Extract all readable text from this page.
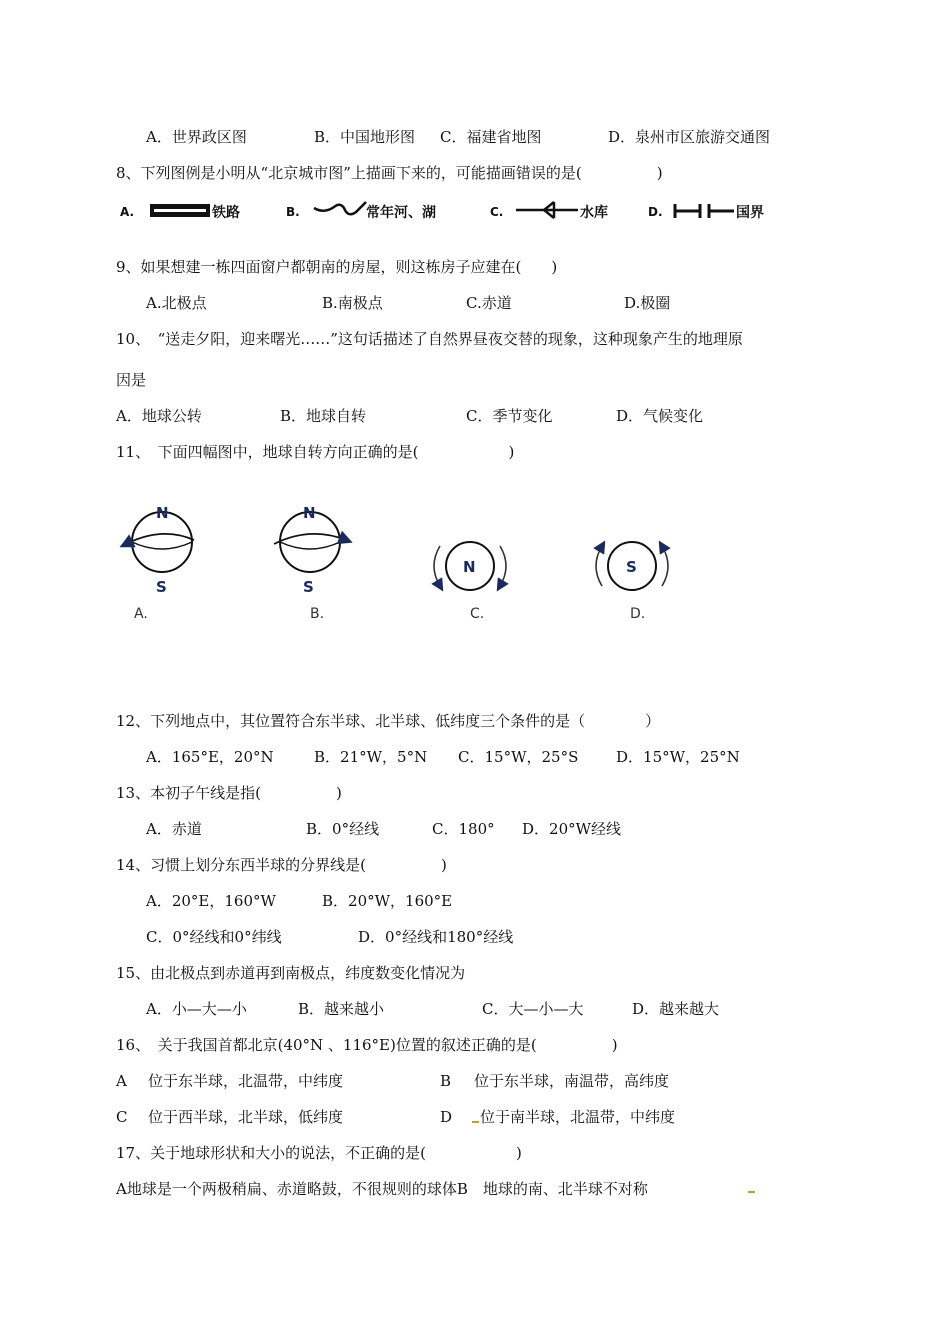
A．世界政区图	B．中国地形图 C．福建省地图	D．泉州市区旅游交通图
8、下列图例是小明从“北京城市图”上描画下来的，可能描画错误的是(　　　　　)
A.	铁路	B.	常年河、湖	C.	水库	D.	国界
9、如果想建一栋四面窗户都朝南的房屋，则这栋房子应建在(　　)
A.北极点	B.南极点	C.赤道	D.极圈
10、　“送走夕阳，迎来曙光……”这句话描述了自然界昼夜交替的现象，这种现象产生的地理原
因是
A．地球公转	B．地球自转	C．季节变化	D．气候变化
11、　下面四幅图中，地球自转方向正确的是(　　　　　　)
N
S
A.
N
S
B.
N
C.
S
D.
12、下列地点中，其位置符合东半球、北半球、低纬度三个条件的是（　　　　）
A．165°E，20°N	B．21°W，5°N C．15°W，25°S	D．15°W，25°N
13、本初子午线是指(　　　　　)
A．赤道	B．0°经线	C．180° D．20°W经线
14、习惯上划分东西半球的分界线是(　　　　　)
A．20°E，160°W	B．20°W，160°E
C．0°经线和0°纬线	D．0°经线和180°经线
15、由北极点到赤道再到南极点，纬度数变化情况为
A．小—大—小	B．越来越小	C．大—小—大	D．越来越大
16、　关于我国首都北京(40°N 、116°E)位置的叙述正确的是(　　　　　)
A 位于东半球，北温带，中纬度	B 位于东半球，南温带，高纬度
C 位于西半球，北半球，低纬度	D 位于南半球，北温带，中纬度
17、关于地球形状和大小的说法，不正确的是(　　　　　　)
A地球是一个两极稍扁、赤道略鼓，不很规则的球体B　地球的南、北半球不对称
